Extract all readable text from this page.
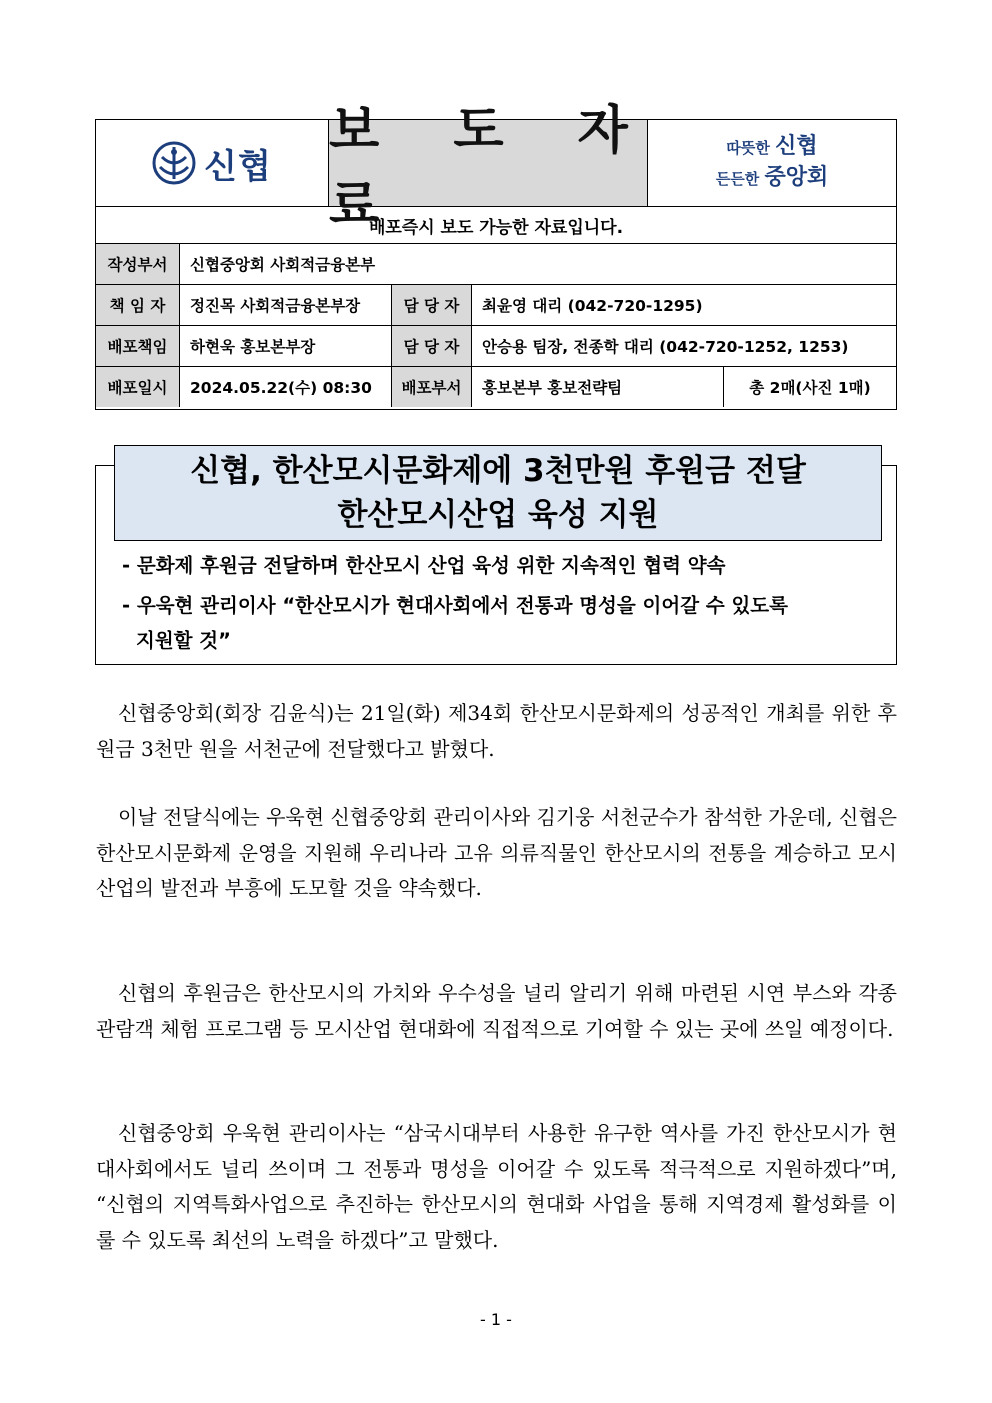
신협
보 도 자 료
따뜻한 신협
든든한 중앙회
배포즉시 보도 가능한 자료입니다.
작성부서	신협중앙회 사회적금융본부
책 임 자	정진목 사회적금융본부장	담 당 자	최윤영 대리 (042-720-1295)
배포책임	하현욱 홍보본부장	담 당 자	안승용 팀장, 전종학 대리 (042-720-1252, 1253)
배포일시	2024.05.22(수) 08:30	배포부서	홍보본부 홍보전략팀	총 2매(사진 1매)
신협, 한산모시문화제에 3천만원 후원금 전달
한산모시산업 육성 지원
- 문화제 후원금 전달하며 한산모시 산업 육성 위한 지속적인 협력 약속
- 우욱현 관리이사 “한산모시가 현대사회에서 전통과 명성을 이어갈 수 있도록
지원할 것”

신협중앙회(회장 김윤식)는 21일(화) 제34회 한산모시문화제의 성공적인 개최를 위한 후원금 3천만 원을 서천군에 전달했다고 밝혔다.

이날 전달식에는 우욱현 신협중앙회 관리이사와 김기웅 서천군수가 참석한 가운데, 신협은 한산모시문화제 운영을 지원해 우리나라 고유 의류직물인 한산모시의 전통을 계승하고 모시산업의 발전과 부흥에 도모할 것을 약속했다.

신협의 후원금은 한산모시의 가치와 우수성을 널리 알리기 위해 마련된 시연 부스와 각종 관람객 체험 프로그램 등 모시산업 현대화에 직접적으로 기여할 수 있는 곳에 쓰일 예정이다.

신협중앙회 우욱현 관리이사는 “삼국시대부터 사용한 유구한 역사를 가진 한산모시가 현대사회에서도 널리 쓰이며 그 전통과 명성을 이어갈 수 있도록 적극적으로 지원하겠다”며, “신협의 지역특화사업으로 추진하는 한산모시의 현대화 사업을 통해 지역경제 활성화를 이룰 수 있도록 최선의 노력을 하겠다”고 말했다.

- 1 -
